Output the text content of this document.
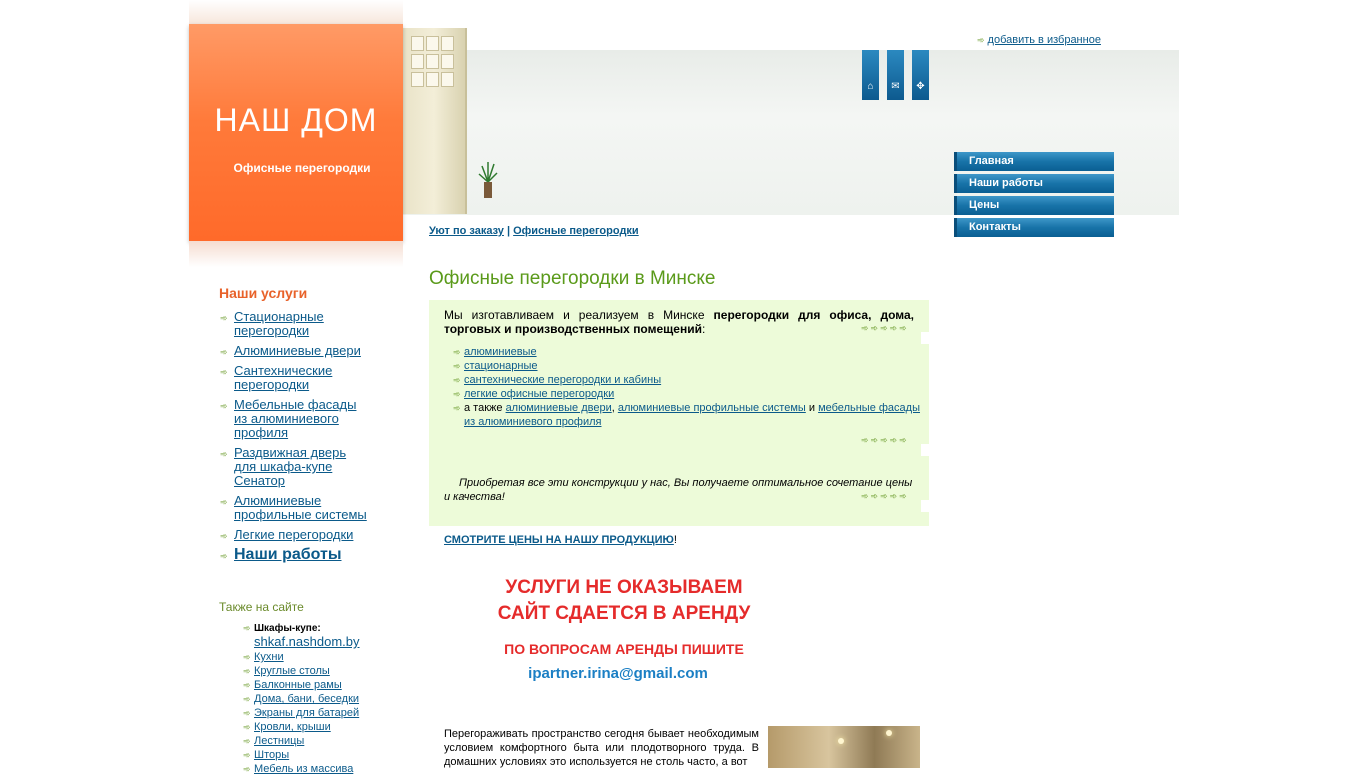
НАШ ДОМ
Офисные перегородки
➾ добавить в избранное
⌂	✉	✥
Главная
Наши работы
Цены
Контакты
Уют по заказу | Офисные перегородки
Наши услуги
➾ Стационарные перегородки
➾ Алюминиевые двери
➾ Сантехнические перегородки
➾ Мебельные фасады из алюминиевого профиля
➾ Раздвижная дверь для шкафа-купе Сенатор
➾ Алюминиевые профильные системы
➾ Легкие перегородки
➾ Наши работы
Также на сайте
➾ Шкафы-купе:
shkaf.nashdom.by
➾ Кухни
➾ Круглые столы
➾ Балконные рамы
➾ Дома, бани, беседки
➾ Экраны для батарей
➾ Кровли, крыши
➾ Лестницы
➾ Шторы
➾ Мебель из массива
Офисные перегородки в Минске
Мы изготавливаем и реализуем в Минске перегородки для офиса, дома, торговых и производственных помещений:	➾➾➾➾➾
➾ алюминиевые
➾ стационарные
➾ сантехнические перегородки и кабины
➾ легкие офисные перегородки
➾ а также алюминиевые двери, алюминиевые профильные системы и мебельные фасады из алюминиевого профиля
➾➾➾➾➾
Приобретая все эти конструкции у нас, Вы получаете оптимальное сочетание цены и качества!	➾➾➾➾➾
СМОТРИТЕ ЦЕНЫ НА НАШУ ПРОДУКЦИЮ!
УСЛУГИ НЕ ОКАЗЫВАЕМ
САЙТ СДАЕТСЯ В АРЕНДУ
ПО ВОПРОСАМ АРЕНДЫ ПИШИТЕ
ipartner.irina@gmail.com
Перегораживать пространство сегодня бывает необходимым условием комфортного быта или плодотворного труда. В домашних условиях это используется не столь часто, а вот
